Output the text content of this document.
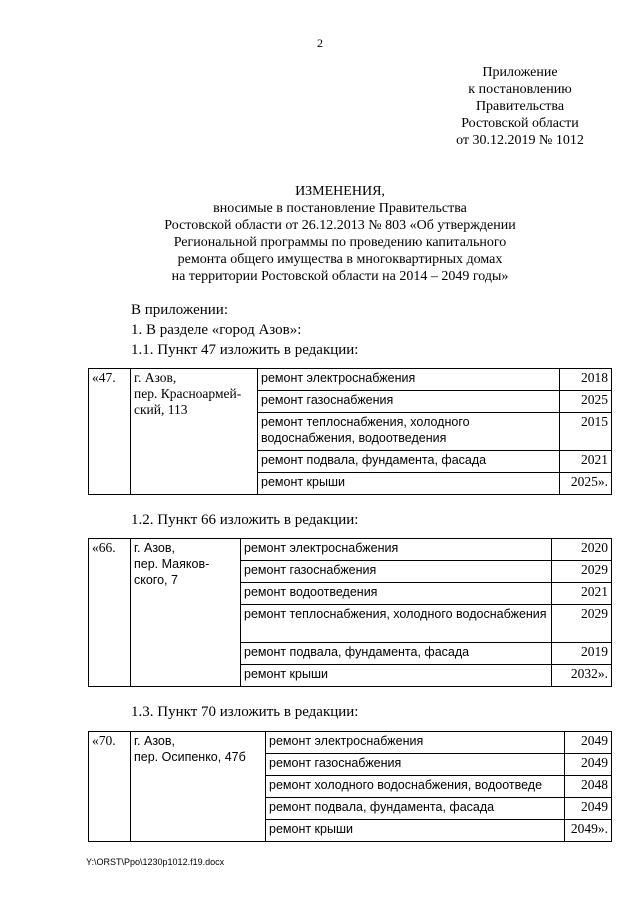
2
Приложение
к постановлению
Правительства
Ростовской области
от 30.12.2019 № 1012
ИЗМЕНЕНИЯ,
вносимые в постановление Правительства
Ростовской области от 26.12.2013 № 803 «Об утверждении
Региональной программы по проведению капитального
ремонта общего имущества в многоквартирных домах
на территории Ростовской области на 2014 – 2049 годы»
В приложении:
1. В разделе «город Азов»:
1.1. Пункт 47 изложить в редакции:
«47.	г. Азов,
пер. Красноармей-
ский, 113	ремонт электроснабжения	2018
		ремонт газоснабжения	2025
		ремонт теплоснабжения, холодного водоснабжения, водоотведения	2015
		ремонт подвала, фундамента, фасада	2021
		ремонт крыши	2025».
1.2. Пункт 66 изложить в редакции:
«66.	г. Азов,
пер. Маяков-
ского, 7	ремонт электроснабжения	2020
		ремонт газоснабжения	2029
		ремонт водоотведения	2021
		ремонт теплоснабжения, холодного водоснабжения	2029
		ремонт подвала, фундамента, фасада	2019
		ремонт крыши	2032».
1.3. Пункт 70 изложить в редакции:
«70.	г. Азов,
пер. Осипенко, 47б	ремонт электроснабжения	2049
		ремонт газоснабжения	2049
		ремонт холодного водоснабжения, водоотведе	2048
		ремонт подвала, фундамента, фасада	2049
		ремонт крыши	2049».
Y:\ORST\Ppo\1230p1012.f19.docx
